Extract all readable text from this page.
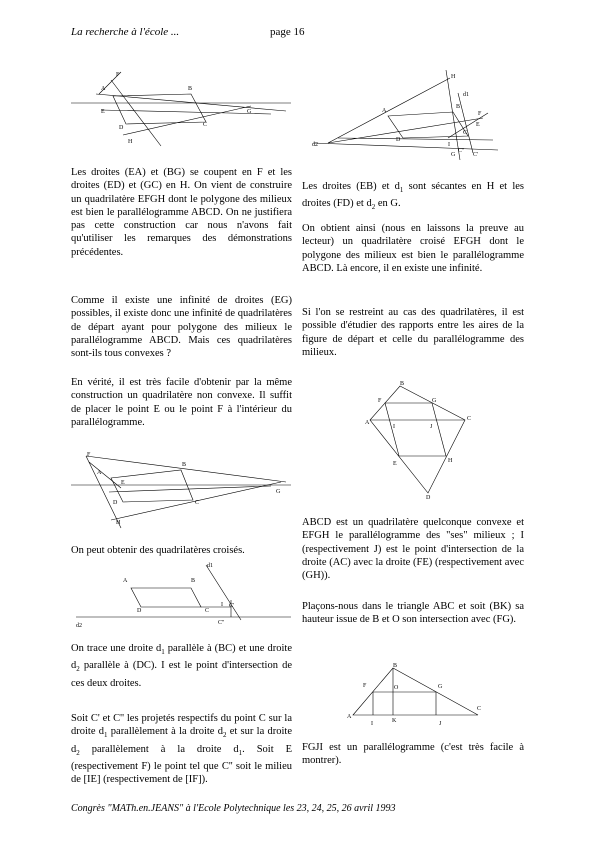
La recherche à l'école ...	page 16
F
A	B
E
D	C
G
H
H
d1
A
B
F
E
D
C
d2	I
G
C''
C'

Les droites (EA) et (BG) se coupent en F et les droites (ED) et (GC) en H. On vient de construire un quadrilatère EFGH dont le polygone des milieux est bien le parallélogramme ABCD. On ne justifiera pas cette construction car nous n'avons fait qu'utiliser les remarques des démonstrations précédentes.

Comme il existe une infinité de droites (EG) possibles, il existe donc une infinité de quadrilatères de départ ayant pour polygone des milieux le parallélogramme ABCD. Mais ces quadrilatères sont-ils tous convexes ?

En vérité, il est très facile d'obtenir par la même construction un quadrilatère non convexe. Il suffit de placer le point E ou le point F à l'intérieur du parallélogramme.

F
A
E
B
D	C
G
H

On peut obtenir des quadrilatères croisés.

d1
A	B
D	C
I C'
C''
d2

On trace une droite $d_1$ parallèle à (BC) et une droite $d_2$ parallèle à (DC). I est le point d'intersection de ces deux droites.

Soit C' et C'' les projetés respectifs du point C sur la droite $d_1$ parallèlement à la droite $d_2$ et sur la droite $d_2$ parallèlement à la droite $d_1$. Soit E (respectivement F) le point tel que C'' soit le milieu de [IE] (respectivement de [IF]).

Les droites (EB) et $d_1$ sont sécantes en H et les droites (FD) et $d_2$ en G.

On obtient ainsi (nous en laissons la preuve au lecteur) un quadrilatère croisé EFGH dont le polygone des milieux est bien le parallélogramme ABCD. Là encore, il en existe une infinité.

Si l'on se restreint au cas des quadrilatères, il est possible d'étudier des rapports entre les aires de la figure de départ et celle du parallélogramme des milieux.

B
F	G
A
I	J
C
E	H
D

ABCD est un quadrilatère quelconque convexe et EFGH le parallélogramme des "ses" milieux ; I (respectivement J) est le point d'intersection de la droite (AC) avec la droite (FE) (respectivement avec (GH)).

Plaçons-nous dans le triangle ABC et soit (BK) sa hauteur issue de B et O son intersection avec (FG).

B
F	O	G
A
I	K	J
C

FGJI est un parallélogramme (c'est très facile à montrer).

Congrès "MATh.en.JEANS" à l'Ecole Polytechnique les 23, 24, 25, 26 avril 1993
